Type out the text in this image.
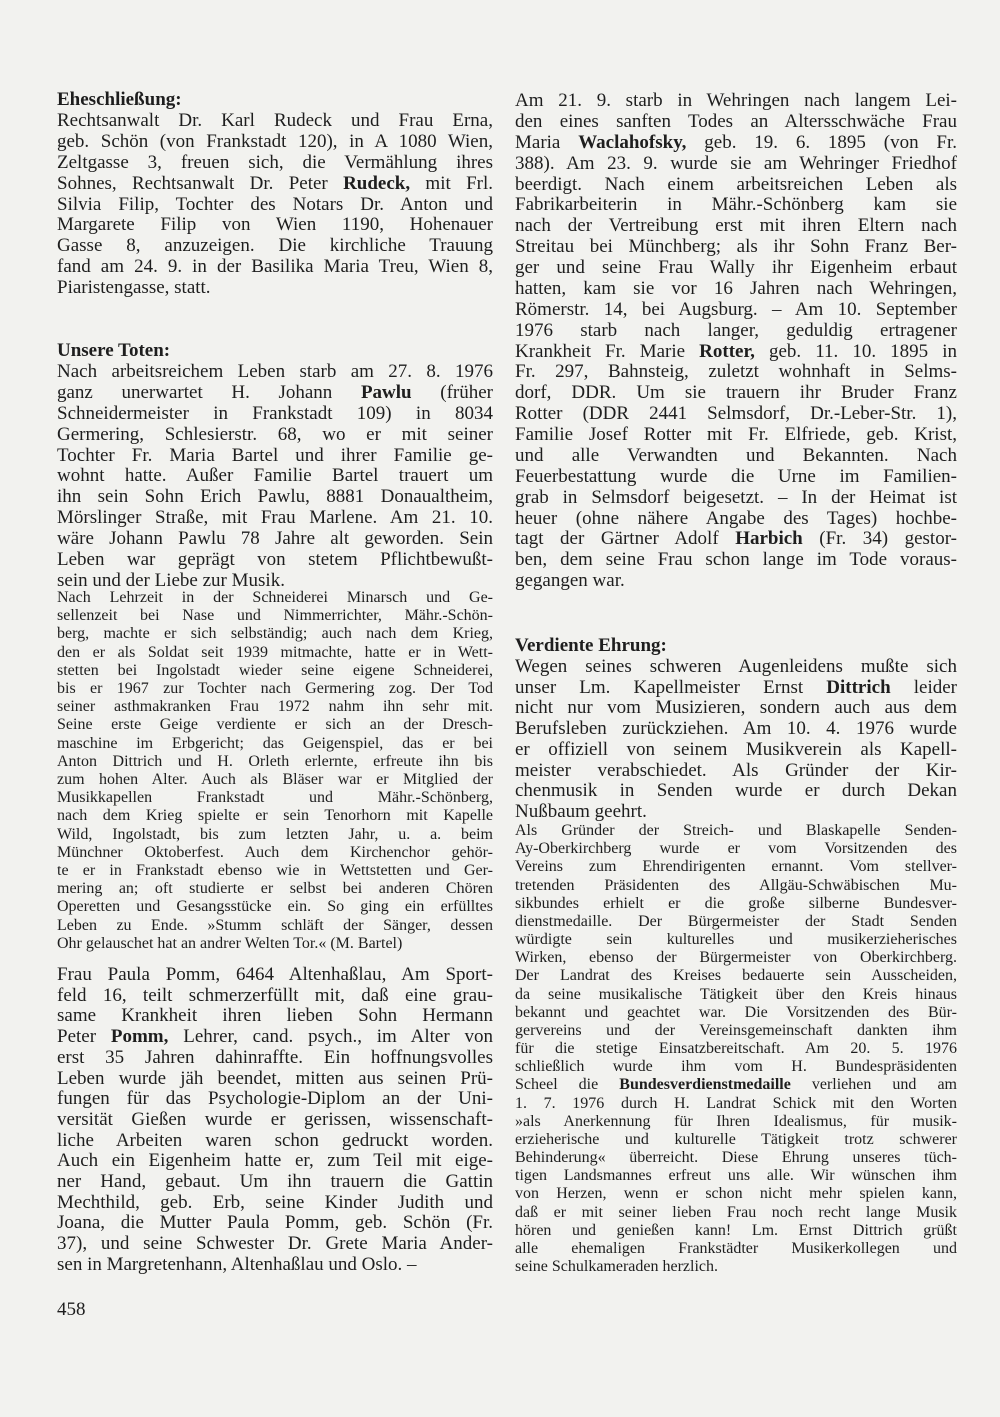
Eheschließung:
Rechtsanwalt Dr. Karl Rudeck und Frau Erna,
geb. Schön (von Frankstadt 120), in A 1080 Wien,
Zeltgasse 3, freuen sich, die Vermählung ihres
Sohnes, Rechtsanwalt Dr. Peter Rudeck, mit Frl.
Silvia Filip, Tochter des Notars Dr. Anton und
Margarete Filip von Wien 1190, Hohenauer
Gasse 8, anzuzeigen. Die kirchliche Trauung
fand am 24. 9. in der Basilika Maria Treu, Wien 8,
Piaristengasse, statt.
Unsere Toten:
Nach arbeitsreichem Leben starb am 27. 8. 1976
ganz unerwartet H. Johann Pawlu (früher
Schneidermeister in Frankstadt 109) in 8034
Germering, Schlesierstr. 68, wo er mit seiner
Tochter Fr. Maria Bartel und ihrer Familie ge-
wohnt hatte. Außer Familie Bartel trauert um
ihn sein Sohn Erich Pawlu, 8881 Donaualtheim,
Mörslinger Straße, mit Frau Marlene. Am 21. 10.
wäre Johann Pawlu 78 Jahre alt geworden. Sein
Leben war geprägt von stetem Pflichtbewußt-
sein und der Liebe zur Musik.
Nach Lehrzeit in der Schneiderei Minarsch und Ge-
sellenzeit bei Nase und Nimmerrichter, Mähr.-Schön-
berg, machte er sich selbständig; auch nach dem Krieg,
den er als Soldat seit 1939 mitmachte, hatte er in Wett-
stetten bei Ingolstadt wieder seine eigene Schneiderei,
bis er 1967 zur Tochter nach Germering zog. Der Tod
seiner asthmakranken Frau 1972 nahm ihn sehr mit.
Seine erste Geige verdiente er sich an der Dresch-
maschine im Erbgericht; das Geigenspiel, das er bei
Anton Dittrich und H. Orleth erlernte, erfreute ihn bis
zum hohen Alter. Auch als Bläser war er Mitglied der
Musikkapellen Frankstadt und Mähr.-Schönberg,
nach dem Krieg spielte er sein Tenorhorn mit Kapelle
Wild, Ingolstadt, bis zum letzten Jahr, u. a. beim
Münchner Oktoberfest. Auch dem Kirchenchor gehör-
te er in Frankstadt ebenso wie in Wettstetten und Ger-
mering an; oft studierte er selbst bei anderen Chören
Operetten und Gesangsstücke ein. So ging ein erfülltes
Leben zu Ende. »Stumm schläft der Sänger, dessen
Ohr gelauschet hat an andrer Welten Tor.« (M. Bartel)
Frau Paula Pomm, 6464 Altenhaßlau, Am Sport-
feld 16, teilt schmerzerfüllt mit, daß eine grau-
same Krankheit ihren lieben Sohn Hermann
Peter Pomm, Lehrer, cand. psych., im Alter von
erst 35 Jahren dahinraffte. Ein hoffnungsvolles
Leben wurde jäh beendet, mitten aus seinen Prü-
fungen für das Psychologie-Diplom an der Uni-
versität Gießen wurde er gerissen, wissenschaft-
liche Arbeiten waren schon gedruckt worden.
Auch ein Eigenheim hatte er, zum Teil mit eige-
ner Hand, gebaut. Um ihn trauern die Gattin
Mechthild, geb. Erb, seine Kinder Judith und
Joana, die Mutter Paula Pomm, geb. Schön (Fr.
37), und seine Schwester Dr. Grete Maria Ander-
sen in Margretenhann, Altenhaßlau und Oslo. –
Am 21. 9. starb in Wehringen nach langem Lei-
den eines sanften Todes an Altersschwäche Frau
Maria Waclahofsky, geb. 19. 6. 1895 (von Fr.
388). Am 23. 9. wurde sie am Wehringer Friedhof
beerdigt. Nach einem arbeitsreichen Leben als
Fabrikarbeiterin in Mähr.-Schönberg kam sie
nach der Vertreibung erst mit ihren Eltern nach
Streitau bei Münchberg; als ihr Sohn Franz Ber-
ger und seine Frau Wally ihr Eigenheim erbaut
hatten, kam sie vor 16 Jahren nach Wehringen,
Römerstr. 14, bei Augsburg. – Am 10. September
1976 starb nach langer, geduldig ertragener
Krankheit Fr. Marie Rotter, geb. 11. 10. 1895 in
Fr. 297, Bahnsteig, zuletzt wohnhaft in Selms-
dorf, DDR. Um sie trauern ihr Bruder Franz
Rotter (DDR 2441 Selmsdorf, Dr.-Leber-Str. 1),
Familie Josef Rotter mit Fr. Elfriede, geb. Krist,
und alle Verwandten und Bekannten. Nach
Feuerbestattung wurde die Urne im Familien-
grab in Selmsdorf beigesetzt. – In der Heimat ist
heuer (ohne nähere Angabe des Tages) hochbe-
tagt der Gärtner Adolf Harbich (Fr. 34) gestor-
ben, dem seine Frau schon lange im Tode voraus-
gegangen war.
Verdiente Ehrung:
Wegen seines schweren Augenleidens mußte sich
unser Lm. Kapellmeister Ernst Dittrich leider
nicht nur vom Musizieren, sondern auch aus dem
Berufsleben zurückziehen. Am 10. 4. 1976 wurde
er offiziell von seinem Musikverein als Kapell-
meister verabschiedet. Als Gründer der Kir-
chenmusik in Senden wurde er durch Dekan
Nußbaum geehrt.
Als Gründer der Streich- und Blaskapelle Senden-
Ay-Oberkirchberg wurde er vom Vorsitzenden des
Vereins zum Ehrendirigenten ernannt. Vom stellver-
tretenden Präsidenten des Allgäu-Schwäbischen Mu-
sikbundes erhielt er die große silberne Bundesver-
dienstmedaille. Der Bürgermeister der Stadt Senden
würdigte sein kulturelles und musikerzieherisches
Wirken, ebenso der Bürgermeister von Oberkirchberg.
Der Landrat des Kreises bedauerte sein Ausscheiden,
da seine musikalische Tätigkeit über den Kreis hinaus
bekannt und geachtet war. Die Vorsitzenden des Bür-
gervereins und der Vereinsgemeinschaft dankten ihm
für die stetige Einsatzbereitschaft. Am 20. 5. 1976
schließlich wurde ihm vom H. Bundespräsidenten
Scheel die Bundesverdienstmedaille verliehen und am
1. 7. 1976 durch H. Landrat Schick mit den Worten
»als Anerkennung für Ihren Idealismus, für musik-
erzieherische und kulturelle Tätigkeit trotz schwerer
Behinderung« überreicht. Diese Ehrung unseres tüch-
tigen Landsmannes erfreut uns alle. Wir wünschen ihm
von Herzen, wenn er schon nicht mehr spielen kann,
daß er mit seiner lieben Frau noch recht lange Musik
hören und genießen kann! Lm. Ernst Dittrich grüßt
alle ehemaligen Frankstädter Musikerkollegen und
seine Schulkameraden herzlich.
458
